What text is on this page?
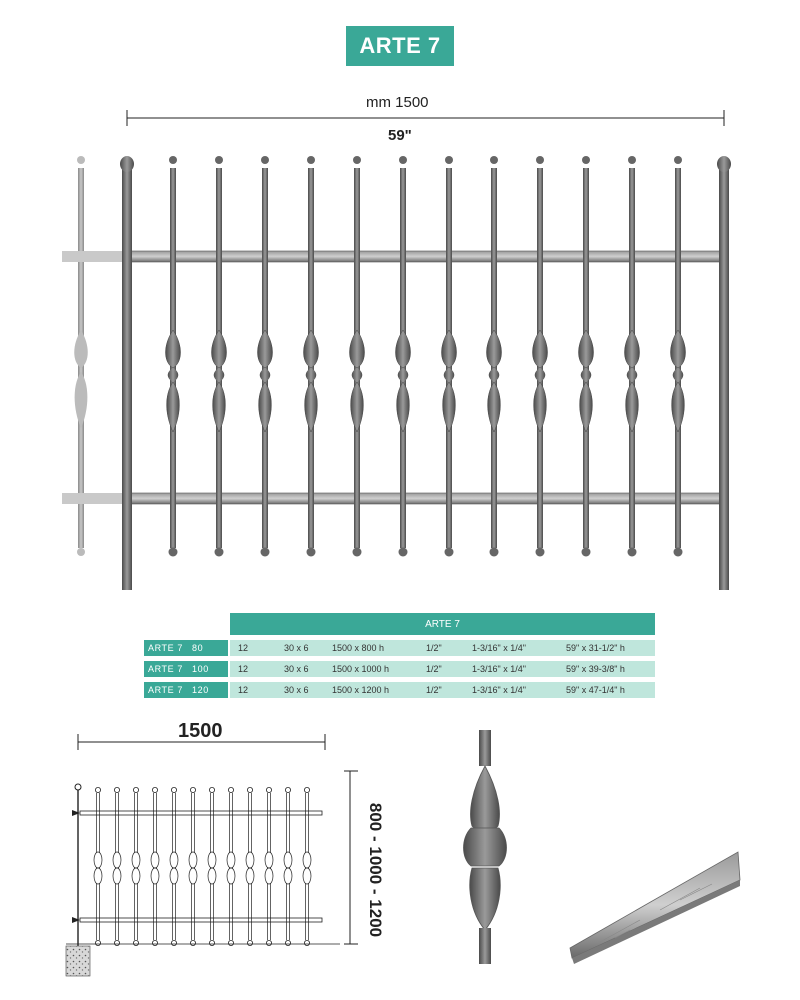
ARTE 7
mm 1500
59"
ARTE 7
ARTE 7 80	12	30 x 6	1500 x 800 h	1/2"	1-3/16" x 1/4"	59" x 31-1/2" h
ARTE 7 100	12	30 x 6	1500 x 1000 h	1/2"	1-3/16" x 1/4"	59" x 39-3/8" h
ARTE 7 120	12	30 x 6	1500 x 1200 h	1/2"	1-3/16" x 1/4"	59" x 47-1/4" h
1500
800 - 1000 - 1200
